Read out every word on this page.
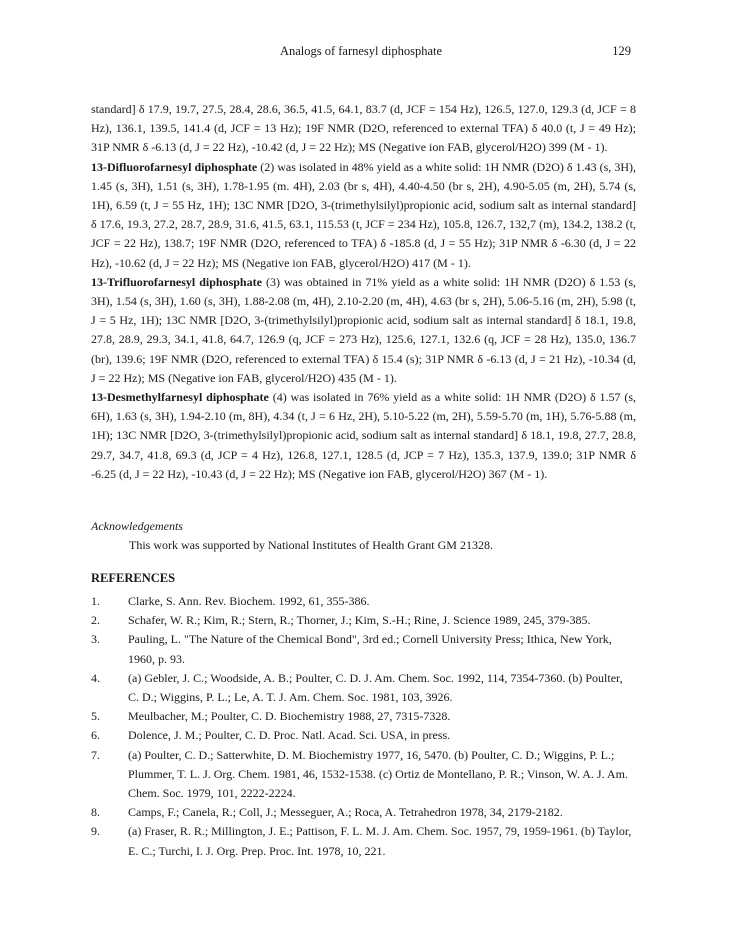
Analogs of farnesyl diphosphate	129

standard] δ 17.9, 19.7, 27.5, 28.4, 28.6, 36.5, 41.5, 64.1, 83.7 (d, JCF = 154 Hz), 126.5, 127.0, 129.3 (d, JCF = 8 Hz), 136.1, 139.5, 141.4 (d, JCF = 13 Hz); 19F NMR (D2O, referenced to external TFA) δ 40.0 (t, J = 49 Hz); 31P NMR δ -6.13 (d, J = 22 Hz), -10.42 (d, J = 22 Hz); MS (Negative ion FAB, glycerol/H2O) 399 (M - 1).

13-Difluorofarnesyl diphosphate (2) was isolated in 48% yield as a white solid: 1H NMR (D2O) δ 1.43 (s, 3H), 1.45 (s, 3H), 1.51 (s, 3H), 1.78-1.95 (m. 4H), 2.03 (br s, 4H), 4.40-4.50 (br s, 2H), 4.90-5.05 (m, 2H), 5.74 (s, 1H), 6.59 (t, J = 55 Hz, 1H); 13C NMR [D2O, 3-(trimethylsilyl)propionic acid, sodium salt as internal standard] δ 17.6, 19.3, 27.2, 28.7, 28.9, 31.6, 41.5, 63.1, 115.53 (t, JCF = 234 Hz), 105.8, 126.7, 132,7 (m), 134.2, 138.2 (t, JCF = 22 Hz), 138.7; 19F NMR (D2O, referenced to TFA) δ -185.8 (d, J = 55 Hz); 31P NMR δ -6.30 (d, J = 22 Hz), -10.62 (d, J = 22 Hz); MS (Negative ion FAB, glycerol/H2O) 417 (M - 1).

13-Trifluorofarnesyl diphosphate (3) was obtained in 71% yield as a white solid: 1H NMR (D2O) δ 1.53 (s, 3H), 1.54 (s, 3H), 1.60 (s, 3H), 1.88-2.08 (m, 4H), 2.10-2.20 (m, 4H), 4.63 (br s, 2H), 5.06-5.16 (m, 2H), 5.98 (t, J = 5 Hz, 1H); 13C NMR [D2O, 3-(trimethylsilyl)propionic acid, sodium salt as internal standard] δ 18.1, 19.8, 27.8, 28.9, 29.3, 34.1, 41.8, 64.7, 126.9 (q, JCF = 273 Hz), 125.6, 127.1, 132.6 (q, JCF = 28 Hz), 135.0, 136.7 (br), 139.6; 19F NMR (D2O, referenced to external TFA) δ 15.4 (s); 31P NMR δ -6.13 (d, J = 21 Hz), -10.34 (d, J = 22 Hz); MS (Negative ion FAB, glycerol/H2O) 435 (M - 1).

13-Desmethylfarnesyl diphosphate (4) was isolated in 76% yield as a white solid: 1H NMR (D2O) δ 1.57 (s, 6H), 1.63 (s, 3H), 1.94-2.10 (m, 8H), 4.34 (t, J = 6 Hz, 2H), 5.10-5.22 (m, 2H), 5.59-5.70 (m, 1H), 5.76-5.88 (m, 1H); 13C NMR [D2O, 3-(trimethylsilyl)propionic acid, sodium salt as internal standard] δ 18.1, 19.8, 27.7, 28.8, 29.7, 34.7, 41.8, 69.3 (d, JCP = 4 Hz), 126.8, 127.1, 128.5 (d, JCP = 7 Hz), 135.3, 137.9, 139.0; 31P NMR δ -6.25 (d, J = 22 Hz), -10.43 (d, J = 22 Hz); MS (Negative ion FAB, glycerol/H2O) 367 (M - 1).

Acknowledgements
This work was supported by National Institutes of Health Grant GM 21328.
REFERENCES
1.	Clarke, S. Ann. Rev. Biochem. 1992, 61, 355-386.
2.	Schafer, W. R.; Kim, R.; Stern, R.; Thorner, J.; Kim, S.-H.; Rine, J. Science 1989, 245, 379-385.
3.	Pauling, L. "The Nature of the Chemical Bond", 3rd ed.; Cornell University Press; Ithica, New York, 1960, p. 93.
4.	(a) Gebler, J. C.; Woodside, A. B.; Poulter, C. D. J. Am. Chem. Soc. 1992, 114, 7354-7360. (b) Poulter, C. D.; Wiggins, P. L.; Le, A. T. J. Am. Chem. Soc. 1981, 103, 3926.
5.	Meulbacher, M.; Poulter, C. D. Biochemistry 1988, 27, 7315-7328.
6.	Dolence, J. M.; Poulter, C. D. Proc. Natl. Acad. Sci. USA, in press.
7.	(a) Poulter, C. D.; Satterwhite, D. M. Biochemistry 1977, 16, 5470. (b) Poulter, C. D.; Wiggins, P. L.; Plummer, T. L. J. Org. Chem. 1981, 46, 1532-1538. (c) Ortiz de Montellano, P. R.; Vinson, W. A. J. Am. Chem. Soc. 1979, 101, 2222-2224.
8.	Camps, F.; Canela, R.; Coll, J.; Messeguer, A.; Roca, A. Tetrahedron 1978, 34, 2179-2182.
9.	(a) Fraser, R. R.; Millington, J. E.; Pattison, F. L. M. J. Am. Chem. Soc. 1957, 79, 1959-1961. (b) Taylor, E. C.; Turchi, I. J. Org. Prep. Proc. Int. 1978, 10, 221.
